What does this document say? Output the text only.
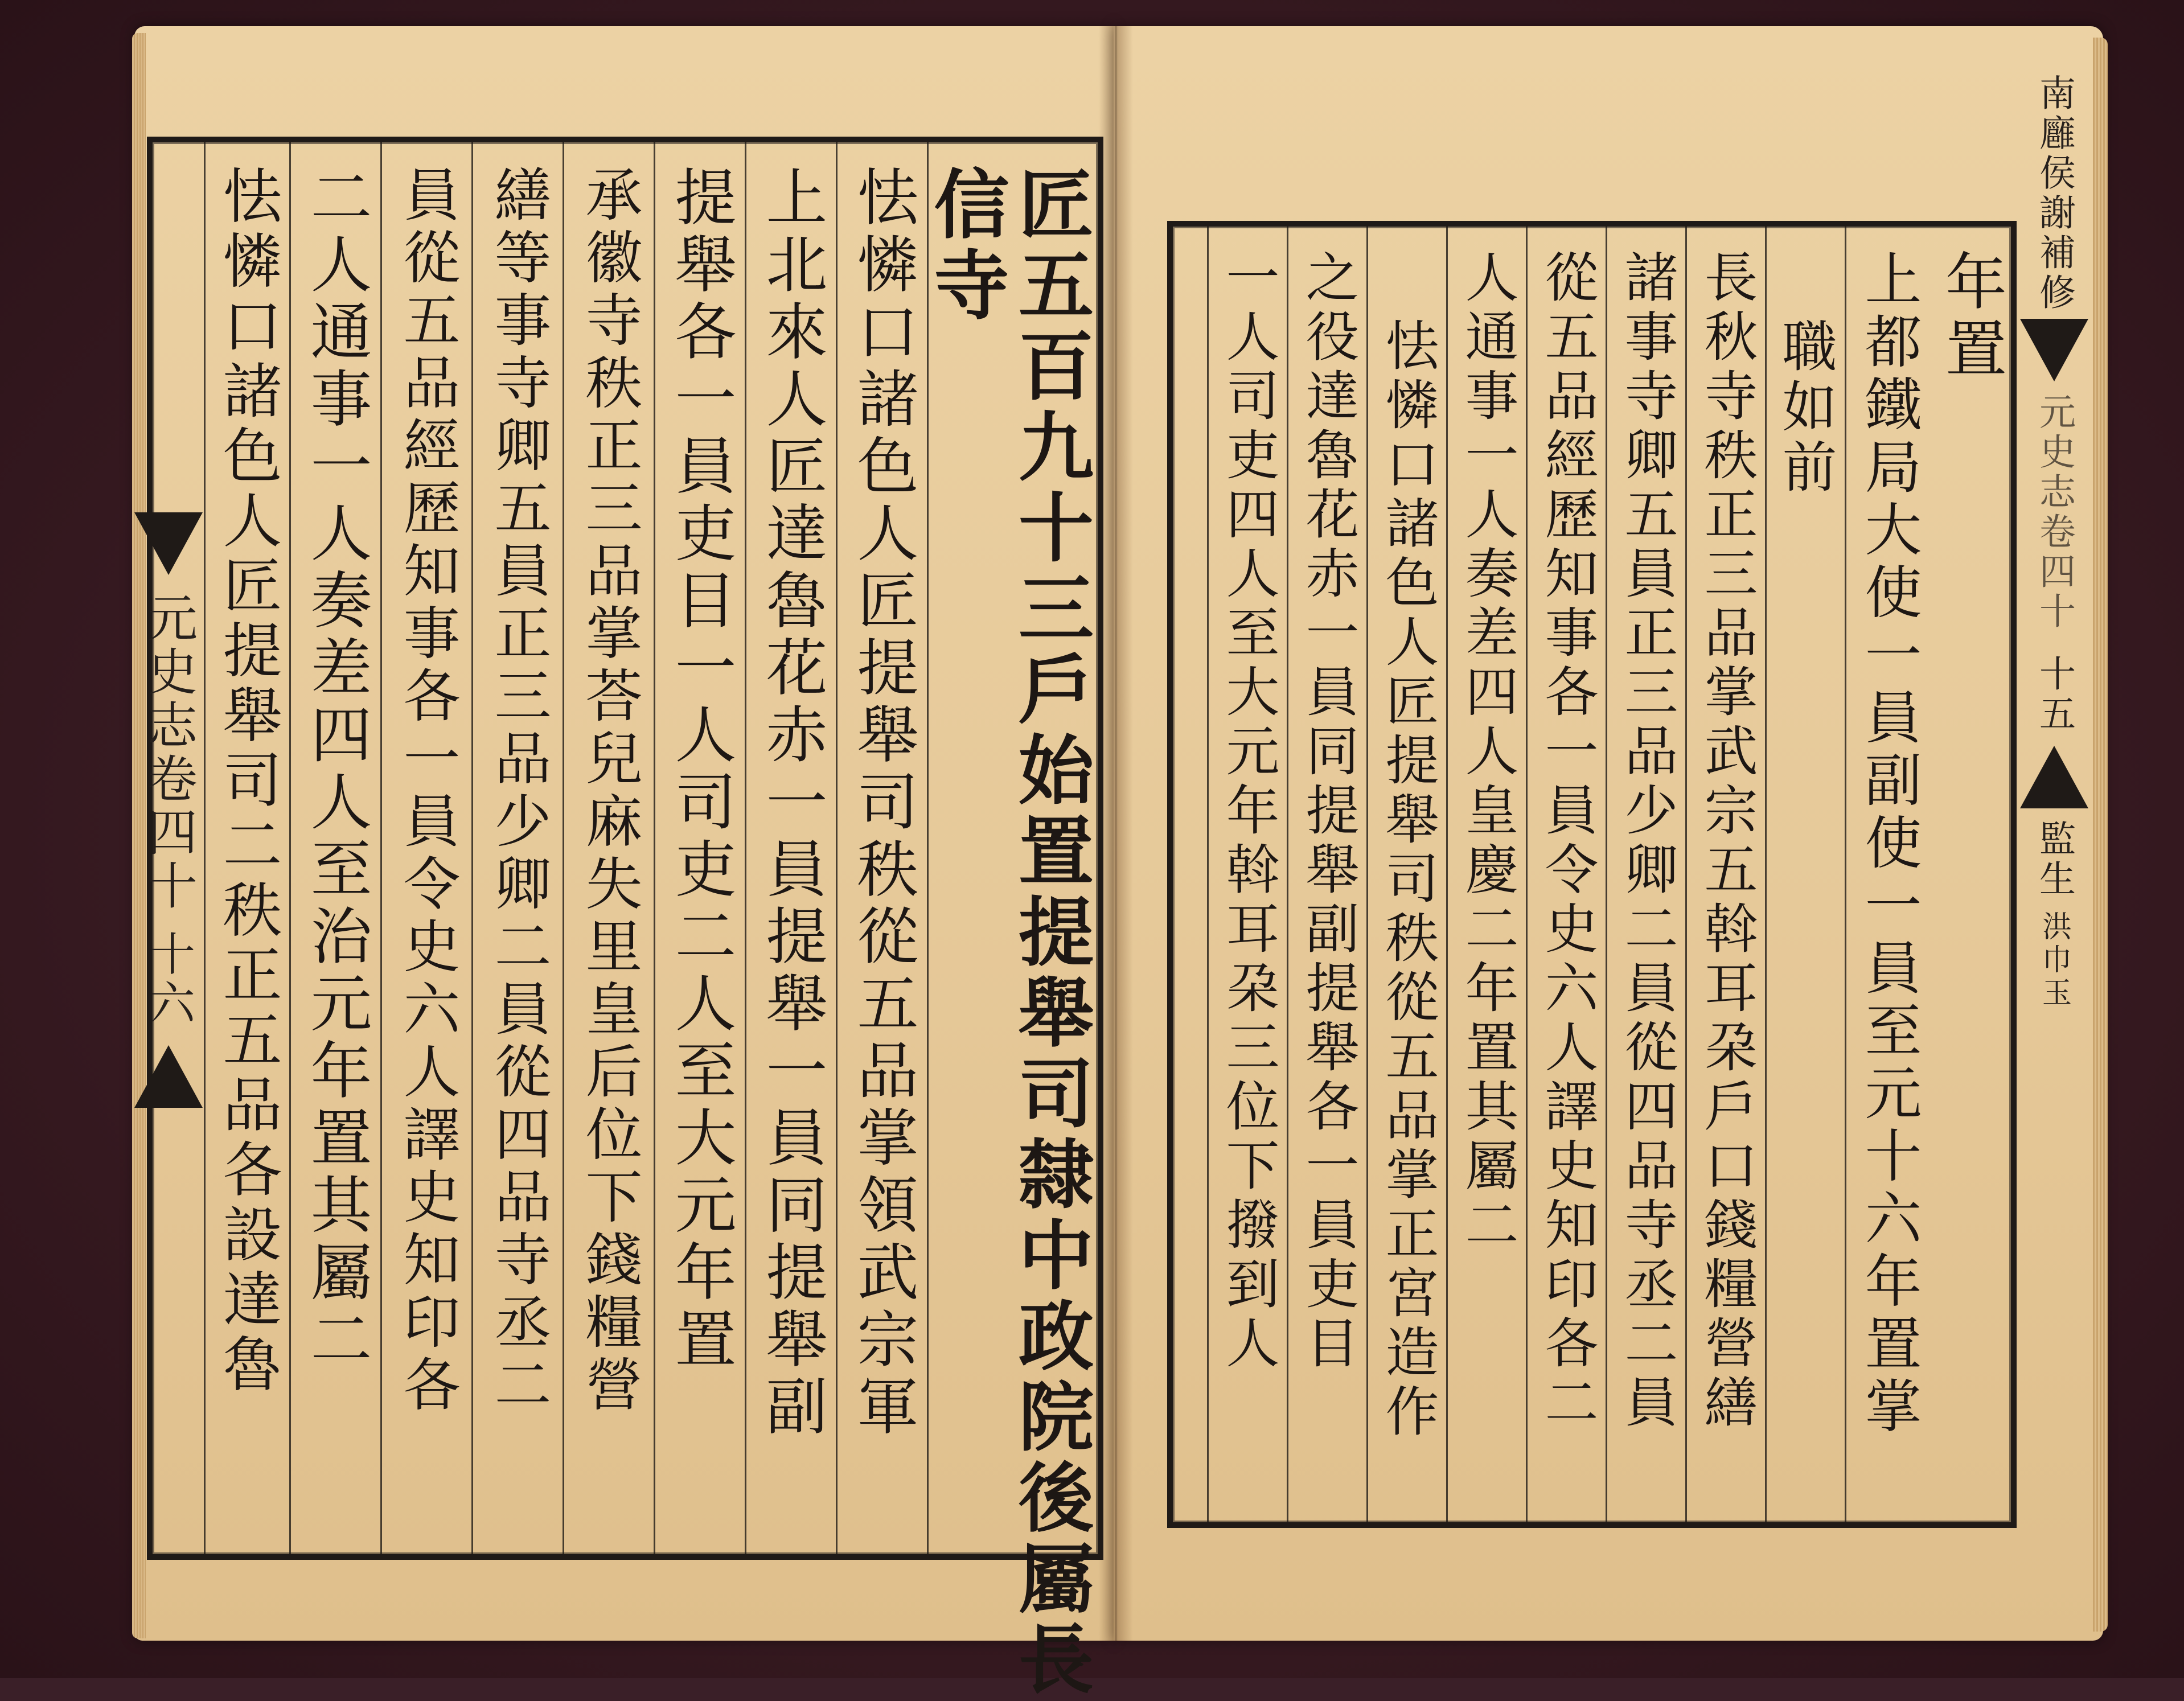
匠五百九十三戶始置提舉司隸中政院後屬長
信寺
怯憐口諸色人匠提舉司秩從五品掌領武宗軍
上北來人匠達魯花赤一員提舉一員同提舉副
提舉各一員吏目一人司吏二人至大元年置
承徽寺秩正三品掌荅兒麻失里皇后位下錢糧營
繕等事寺卿五員正三品少卿二員從四品寺丞二
員從五品經歷知事各一員令史六人譯史知印各
二人通事一人奏差四人至治元年置其屬二
怯憐口諸色人匠提舉司二秩正五品各設達魯
元史志卷四十
十六
年置
上都鐵局大使一員副使一員至元十六年置掌
職如前
長秋寺秩正三品掌武宗五斡耳朶戶口錢糧營繕
諸事寺卿五員正三品少卿二員從四品寺丞二員
從五品經歷知事各一員令史六人譯史知印各二
人通事一人奏差四人皇慶二年置其屬二
怯憐口諸色人匠提舉司秩從五品掌正宮造作
之役達魯花赤一員同提舉副提舉各一員吏目
一人司吏四人至大元年斡耳朶三位下撥到人
南廱侯謝補修
元史志卷四十
十五
監生
洪巾玉
